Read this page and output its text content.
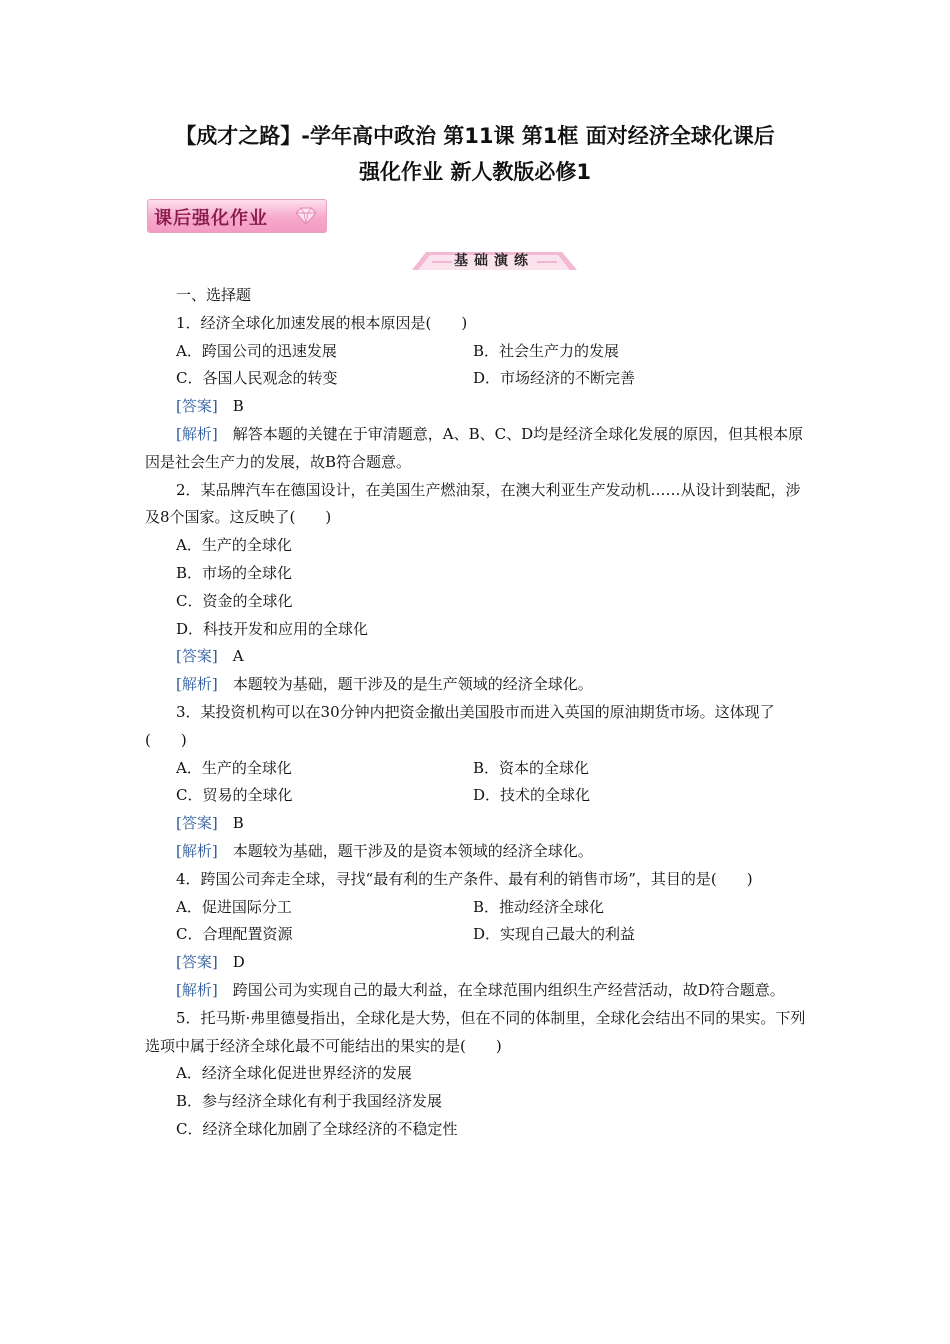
【成才之路】-学年高中政治 第11课 第1框 面对经济全球化课后
强化作业 新人教版必修1
课后强化作业
基础演练
一、选择题
1．经济全球化加速发展的根本原因是(　　)
A．跨国公司的迅速发展	B．社会生产力的发展
C．各国人民观念的转变	D．市场经济的不断完善
[答案]　 B
[解析]　 解答本题的关键在于审清题意，A、B、C、D均是经济全球化发展的原因，但其根本原因是社会生产力的发展，故B符合题意。
2．某品牌汽车在德国设计，在美国生产燃油泵，在澳大利亚生产发动机……从设计到装配，涉及8个国家。这反映了(　　)
A．生产的全球化
B．市场的全球化
C．资金的全球化
D．科技开发和应用的全球化
[答案]　 A
[解析]　 本题较为基础，题干涉及的是生产领域的经济全球化。
3．某投资机构可以在30分钟内把资金撤出美国股市而进入英国的原油期货市场。这体现了(　　)
A．生产的全球化	B．资本的全球化
C．贸易的全球化	D．技术的全球化
[答案]　 B
[解析]　 本题较为基础，题干涉及的是资本领域的经济全球化。
4．跨国公司奔走全球，寻找“最有利的生产条件、最有利的销售市场”，其目的是(　　)
A．促进国际分工	B．推动经济全球化
C．合理配置资源	D．实现自己最大的利益
[答案]　 D
[解析]　 跨国公司为实现自己的最大利益，在全球范围内组织生产经营活动，故D符合题意。
5．托马斯·弗里德曼指出，全球化是大势，但在不同的体制里，全球化会结出不同的果实。下列选项中属于经济全球化最不可能结出的果实的是(　　)
A．经济全球化促进世界经济的发展
B．参与经济全球化有利于我国经济发展
C．经济全球化加剧了全球经济的不稳定性
